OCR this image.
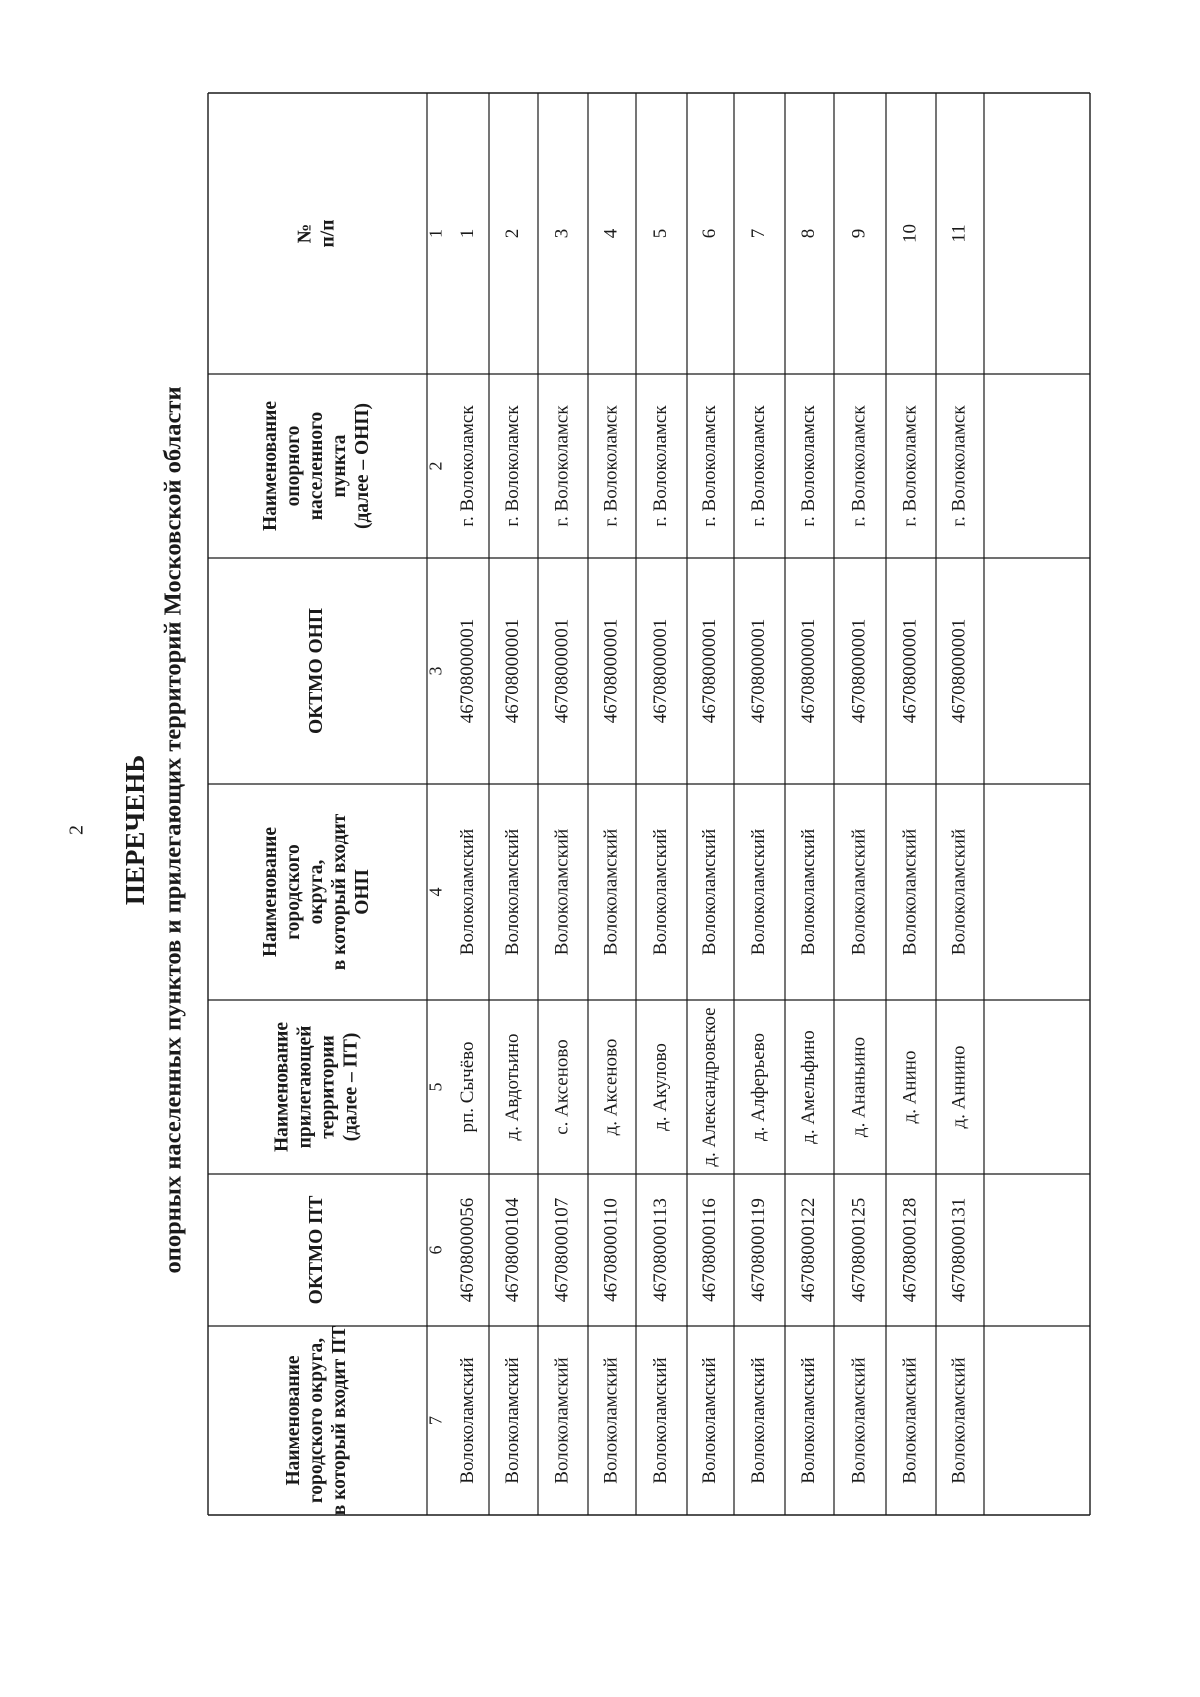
2 ПЕРЕЧЕНЬ опорных населенных пунктов и прилегающих территорий Московской области
№ п/п
Наименование опорного населенного пункта (далее – ОНП)
ОКТМО ОНП
Наименование городского округа, в который входит ОНП
Наименование прилегающей территории (далее – ПТ)
ОКТМО ПТ
Наименование городского округа, в который входит ПТ
1
2
3
4
5
6
7
1
г. Волоколамск
46708000001
Волоколамский
рп. Сычёво
46708000056
Волоколамский
2
г. Волоколамск
46708000001
Волоколамский
д. Авдотьино
46708000104
Волоколамский
3
г. Волоколамск
46708000001
Волоколамский
с. Аксеново
46708000107
Волоколамский
4
г. Волоколамск
46708000001
Волоколамский
д. Аксеново
46708000110
Волоколамский
5
г. Волоколамск
46708000001
Волоколамский
д. Акулово
46708000113
Волоколамский
6
г. Волоколамск
46708000001
Волоколамский
д. Александровское
46708000116
Волоколамский
7
г. Волоколамск
46708000001
Волоколамский
д. Алферьево
46708000119
Волоколамский
8
г. Волоколамск
46708000001
Волоколамский
д. Амельфино
46708000122
Волоколамский
9
г. Волоколамск
46708000001
Волоколамский
д. Ананьино
46708000125
Волоколамский
10
г. Волоколамск
46708000001
Волоколамский
д. Анино
46708000128
Волоколамский
11
г. Волоколамск
46708000001
Волоколамский
д. Аннино
46708000131
Волоколамский
